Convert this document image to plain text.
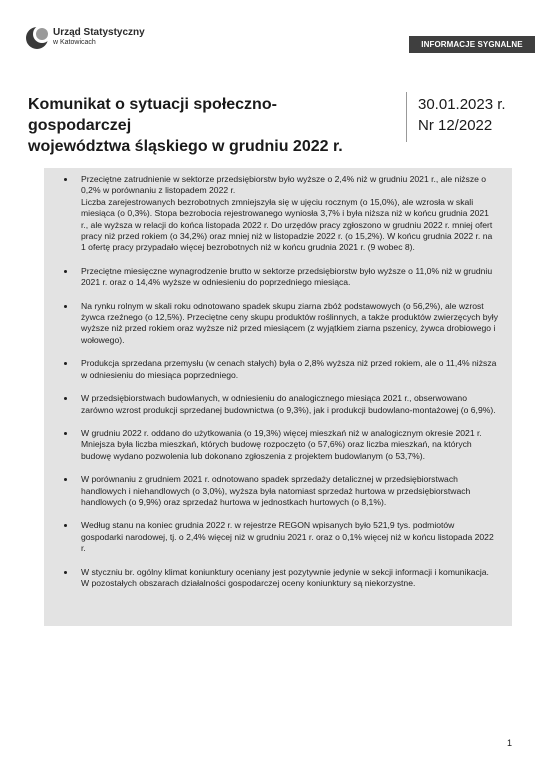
Urząd Statystyczny
w Katowicach	INFORMACJE SYGNALNE
Komunikat o sytuacji społeczno-gospodarczej
województwa śląskiego w grudniu 2022 r.
30.01.2023 r.
Nr 12/2022
Przeciętne zatrudnienie w sektorze przedsiębiorstw było wyższe o 2,4% niż w grudniu 2021 r., ale niższe o 0,2% w porównaniu z listopadem 2022 r.
Liczba zarejestrowanych bezrobotnych zmniejszyła się w ujęciu rocznym (o 15,0%), ale wzrosła w skali miesiąca (o 0,3%). Stopa bezrobocia rejestrowanego wyniosła 3,7% i była niższa niż w końcu grudnia 2021 r., ale wyższa w relacji do końca listopada 2022 r. Do urzędów pracy zgłoszono w grudniu 2022 r. mniej ofert pracy niż przed rokiem (o 34,2%) oraz mniej niż w listopadzie 2022 r. (o 15,2%). W końcu grudnia 2022 r. na 1 ofertę pracy przypadało więcej bezrobotnych niż w końcu grudnia 2021 r. (9 wobec 8).
Przeciętne miesięczne wynagrodzenie brutto w sektorze przedsiębiorstw było wyższe o 11,0% niż w grudniu 2021 r. oraz o 14,4% wyższe w odniesieniu do poprzedniego miesiąca.
Na rynku rolnym w skali roku odnotowano spadek skupu ziarna zbóż podstawowych (o 56,2%), ale wzrost żywca rzeźnego (o 12,5%). Przeciętne ceny skupu produktów roślinnych, a także produktów zwierzęcych były wyższe niż przed rokiem oraz wyższe niż przed miesiącem (z wyjątkiem ziarna pszenicy, żywca drobiowego i wołowego).
Produkcja sprzedana przemysłu (w cenach stałych) była o 2,8% wyższa niż przed rokiem, ale o 11,4% niższa w odniesieniu do miesiąca poprzedniego.
W przedsiębiorstwach budowlanych, w odniesieniu do analogicznego miesiąca 2021 r., obserwowano zarówno wzrost produkcji sprzedanej budownictwa (o 9,3%), jak i produkcji budowlano-montażowej (o 6,9%).
W grudniu 2022 r. oddano do użytkowania (o 19,3%) więcej mieszkań niż w analogicznym okresie 2021 r. Mniejsza była liczba mieszkań, których budowę rozpoczęto (o 57,6%) oraz liczba mieszkań, na których budowę wydano pozwolenia lub dokonano zgłoszenia z projektem budowlanym (o 53,7%).
W porównaniu z grudniem 2021 r. odnotowano spadek sprzedaży detalicznej w przedsiębiorstwach handlowych i niehandlowych (o 3,0%), wyższa była natomiast sprzedaż hurtowa w przedsiębiorstwach handlowych (o 9,9%) oraz sprzedaż hurtowa w jednostkach hurtowych (o 8,1%).
Według stanu na koniec grudnia 2022 r. w rejestrze REGON wpisanych było 521,9 tys. podmiotów gospodarki narodowej, tj. o 2,4% więcej niż w grudniu 2021 r. oraz o 0,1% więcej niż w końcu listopada 2022 r.
W styczniu br. ogólny klimat koniunktury oceniany jest pozytywnie jedynie w sekcji informacji i komunikacja. W pozostałych obszarach działalności gospodarczej oceny koniunktury są niekorzystne.
1
